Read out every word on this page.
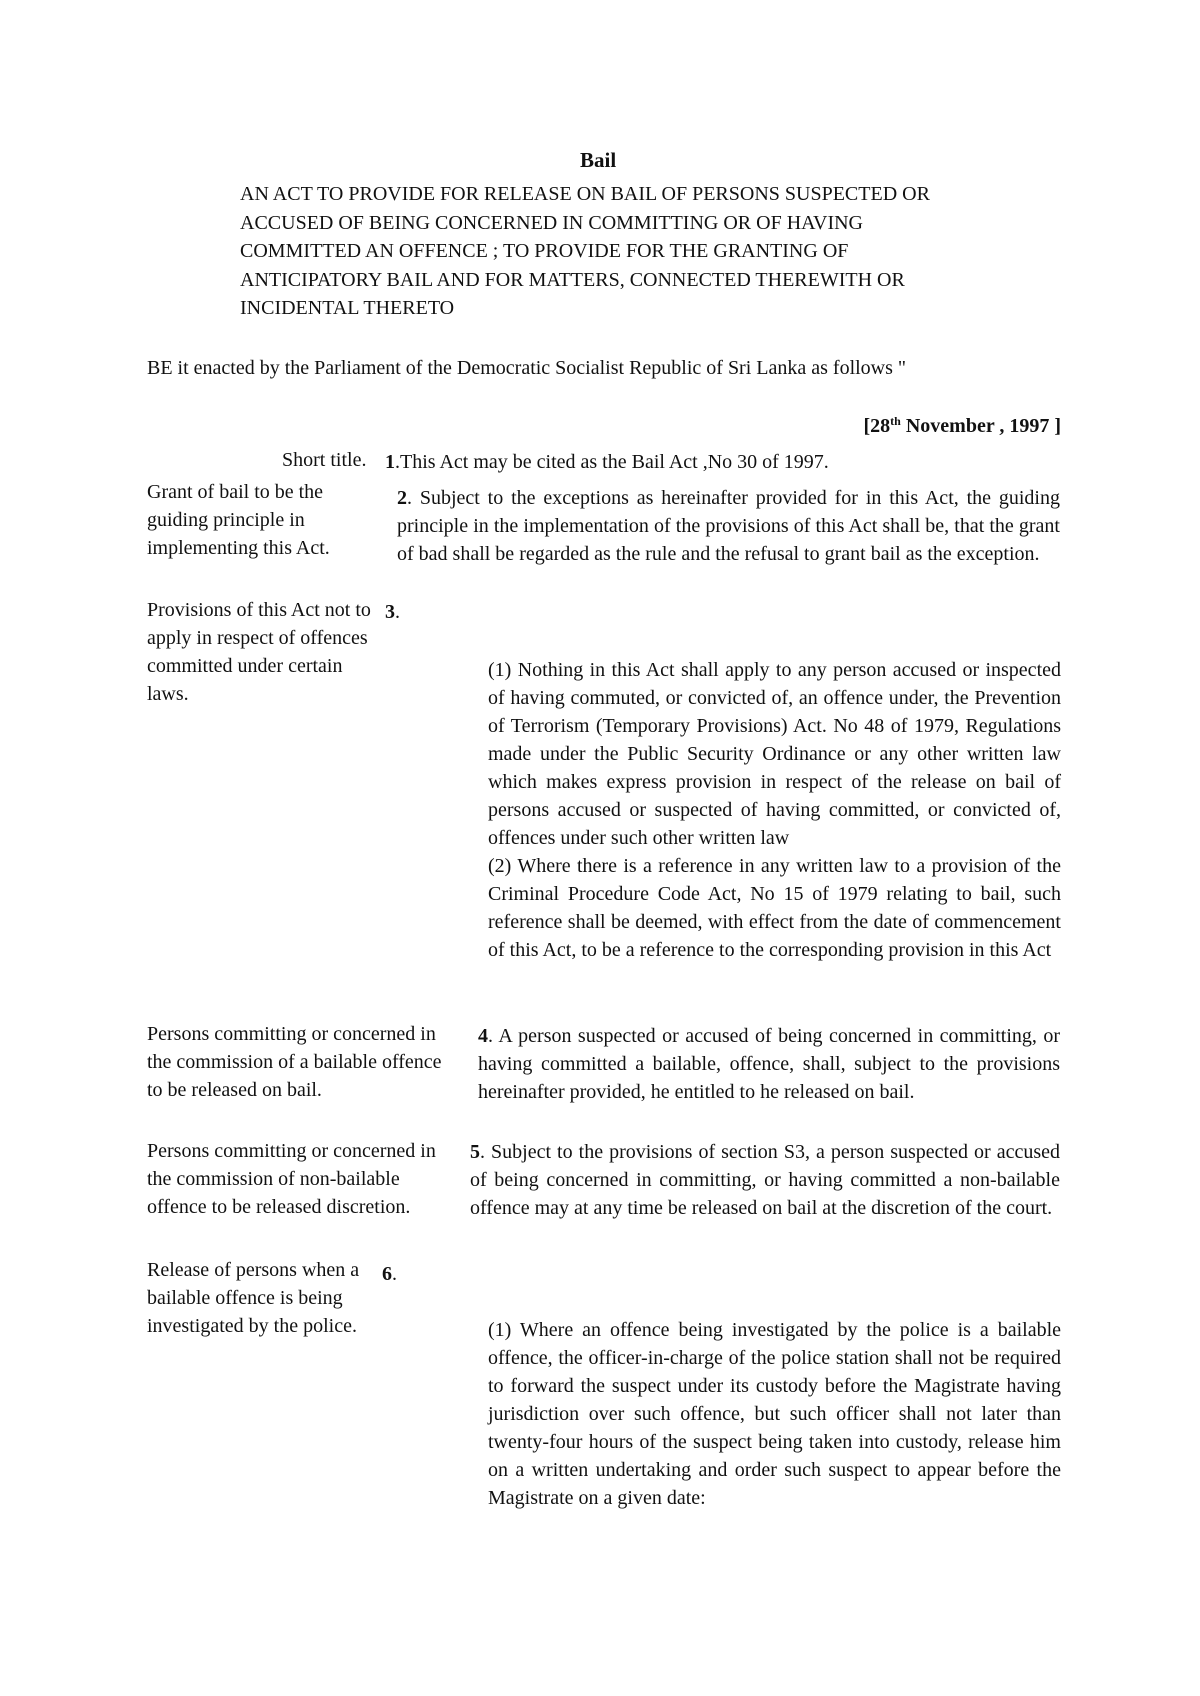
Bail
AN ACT TO PROVIDE FOR RELEASE ON BAIL OF PERSONS SUSPECTED OR ACCUSED OF BEING CONCERNED IN COMMITTING OR OF HAVING COMMITTED AN OFFENCE ; TO PROVIDE FOR THE GRANTING OF ANTICIPATORY BAIL AND FOR MATTERS, CONNECTED THEREWITH OR INCIDENTAL THERETO
BE it enacted by the Parliament of the Democratic Socialist Republic of Sri Lanka as follows "
[28th November , 1997 ]
Short title. 1.This Act may be cited as the Bail Act ,No 30 of 1997.
Grant of bail to be the guiding principle in implementing this Act.
2. Subject to the exceptions as hereinafter provided for in this Act, the guiding principle in the implementation of the provisions of this Act shall be, that the grant of bad shall be regarded as the rule and the refusal to grant bail as the exception.
Provisions of this Act not to apply in respect of offences committed under certain laws.
3.
(1) Nothing in this Act shall apply to any person accused or inspected of having commuted, or convicted of, an offence under, the Prevention of Terrorism (Temporary Provisions) Act. No 48 of 1979, Regulations made under the Public Security Ordinance or any other written law which makes express provision in respect of the release on bail of persons accused or suspected of having committed, or convicted of, offences under such other written law
(2) Where there is a reference in any written law to a provision of the Criminal Procedure Code Act, No 15 of 1979 relating to bail, such reference shall be deemed, with effect from the date of commencement of this Act, to be a reference to the corresponding provision in this Act
Persons committing or concerned in the commission of a bailable offence to be released on bail.
4. A person suspected or accused of being concerned in committing, or having committed a bailable, offence, shall, subject to the provisions hereinafter provided, he entitled to he released on bail.
Persons committing or concerned in the commission of non-bailable offence to be released discretion.
5. Subject to the provisions of section S3, a person suspected or accused of being concerned in committing, or having committed a non-bailable offence may at any time be released on bail at the discretion of the court.
Release of persons when a bailable offence is being investigated by the police.
6.
(1) Where an offence being investigated by the police is a bailable offence, the officer-in-charge of the police station shall not be required to forward the suspect under its custody before the Magistrate having jurisdiction over such offence, but such officer shall not later than twenty-four hours of the suspect being taken into custody, release him on a written undertaking and order such suspect to appear before the Magistrate on a given date:
